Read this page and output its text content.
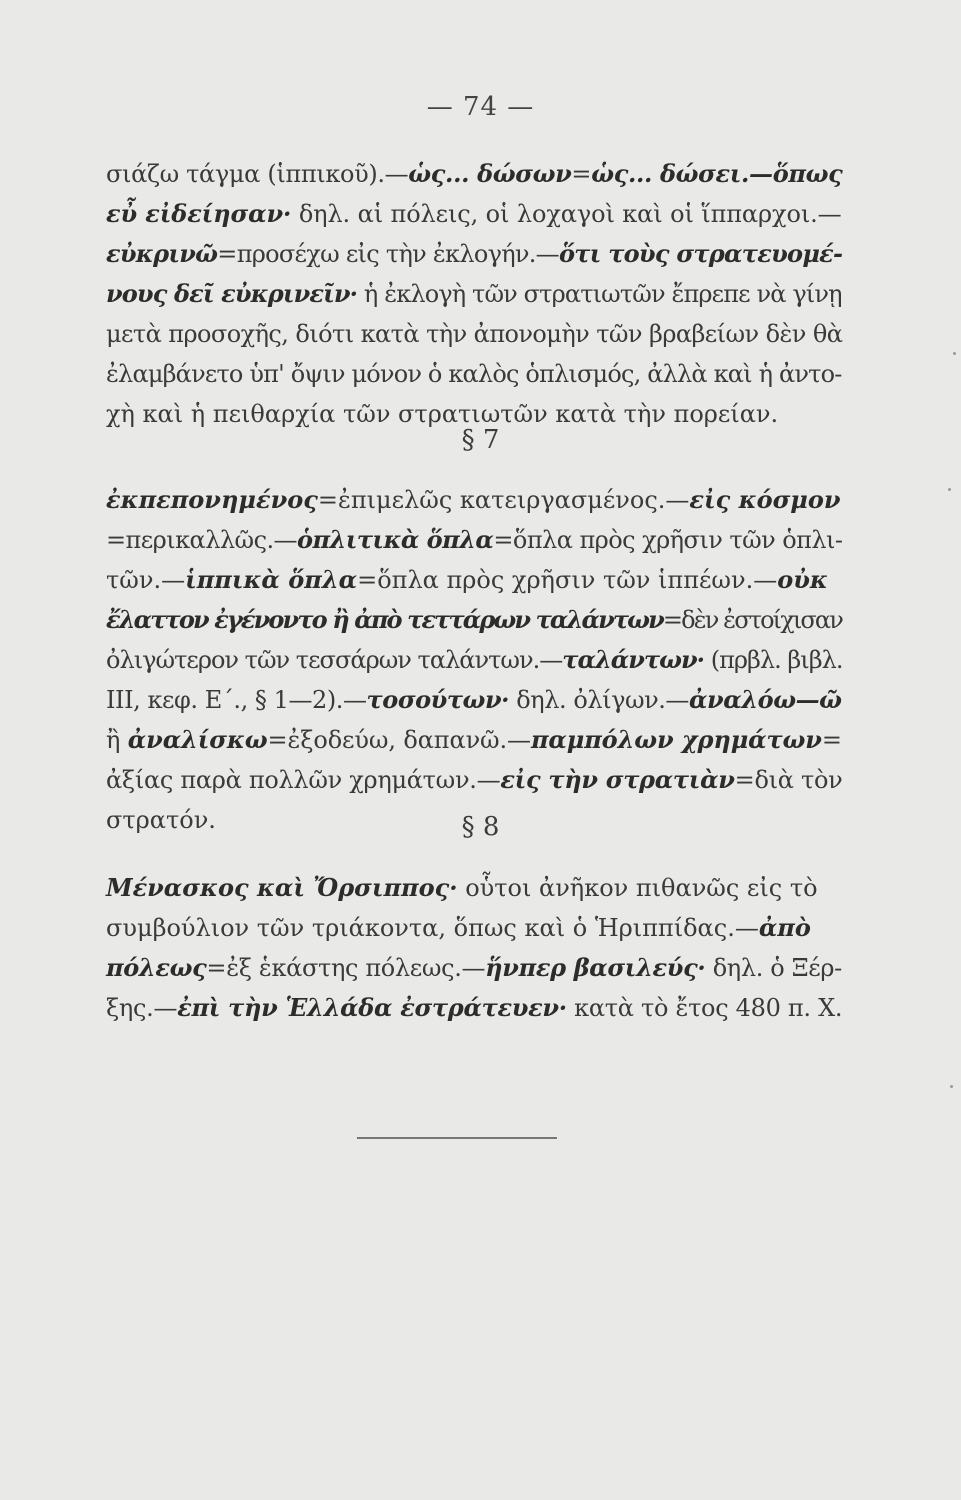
— 74 —
σιάζω τάγμα (ἱππικοῦ).—ὡς... δώσων=ὡς... δώσει.—ὅπως
εὖ εἰδείησαν· δηλ. αἱ πόλεις, οἱ λοχαγοὶ καὶ οἱ ἵππαρχοι.—
εὐκρινῶ=προσέχω εἰς τὴν ἐκλογήν.—ὅτι τοὺς στρατευομέ-
νους δεῖ εὐκρινεῖν· ἡ ἐκλογὴ τῶν στρατιωτῶν ἔπρεπε νὰ γίνῃ
μετὰ προσοχῆς, διότι κατὰ τὴν ἀπονομὴν τῶν βραβείων δὲν θὰ
ἐλαμβάνετο ὑπ' ὄψιν μόνον ὁ καλὸς ὁπλισμός, ἀλλὰ καὶ ἡ ἀντο-
χὴ καὶ ἡ πειθαρχία τῶν στρατιωτῶν κατὰ τὴν πορείαν.
§ 7
ἐκπεπονημένος=ἐπιμελῶς κατειργασμένος.—εἰς κόσμον
=περικαλλῶς.—ὁπλιτικὰ ὅπλα=ὅπλα πρὸς χρῆσιν τῶν ὁπλι-
τῶν.—ἱππικὰ ὅπλα=ὅπλα πρὸς χρῆσιν τῶν ἱππέων.—οὐκ
ἔλαττον ἐγένοντο ἢ ἀπὸ τεττάρων ταλάντων=δὲν ἐστοίχισαν
ὀλιγώτερον τῶν τεσσάρων ταλάντων.—ταλάντων· (πρβλ. βιβλ.
III, κεφ. Ε΄., § 1—2).—τοσούτων· δηλ. ὀλίγων.—ἀναλόω—ῶ
ἢ ἀναλίσκω=ἐξοδεύω, δαπανῶ.—παμπόλων χρημάτων=
ἀξίας παρὰ πολλῶν χρημάτων.—εἰς τὴν στρατιὰν=διὰ τὸν
στρατόν.	§ 8
Μένασκος καὶ Ὄρσιππος· οὗτοι ἀνῆκον πιθανῶς εἰς τὸ
συμβούλιον τῶν τριάκοντα, ὅπως καὶ ὁ Ἡριππίδας.—ἀπὸ
πόλεως=ἐξ ἑκάστης πόλεως.—ἥνπερ βασιλεύς· δηλ. ὁ Ξέρ-
ξης.—ἐπὶ τὴν Ἑλλάδα ἐστράτευεν· κατὰ τὸ ἔτος 480 π. Χ.
